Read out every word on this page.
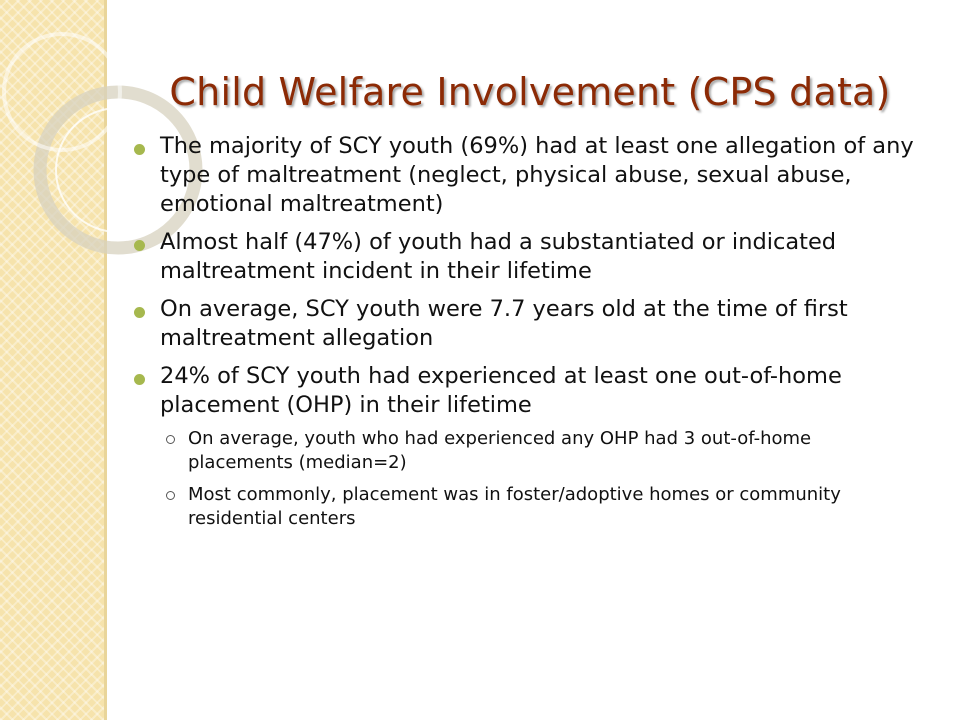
Child Welfare Involvement (CPS data)
The majority of SCY youth (69%) had at least one allegation of any type of maltreatment (neglect, physical abuse, sexual abuse, emotional maltreatment)
Almost half (47%) of youth had a substantiated or indicated maltreatment incident in their lifetime
On average, SCY youth were 7.7 years old at the time of first maltreatment allegation
24% of SCY youth had experienced at least one out-of-home placement (OHP) in their lifetime
On average, youth who had experienced any OHP had 3 out-of-home placements (median=2)
Most commonly, placement was in foster/adoptive homes or community residential centers
